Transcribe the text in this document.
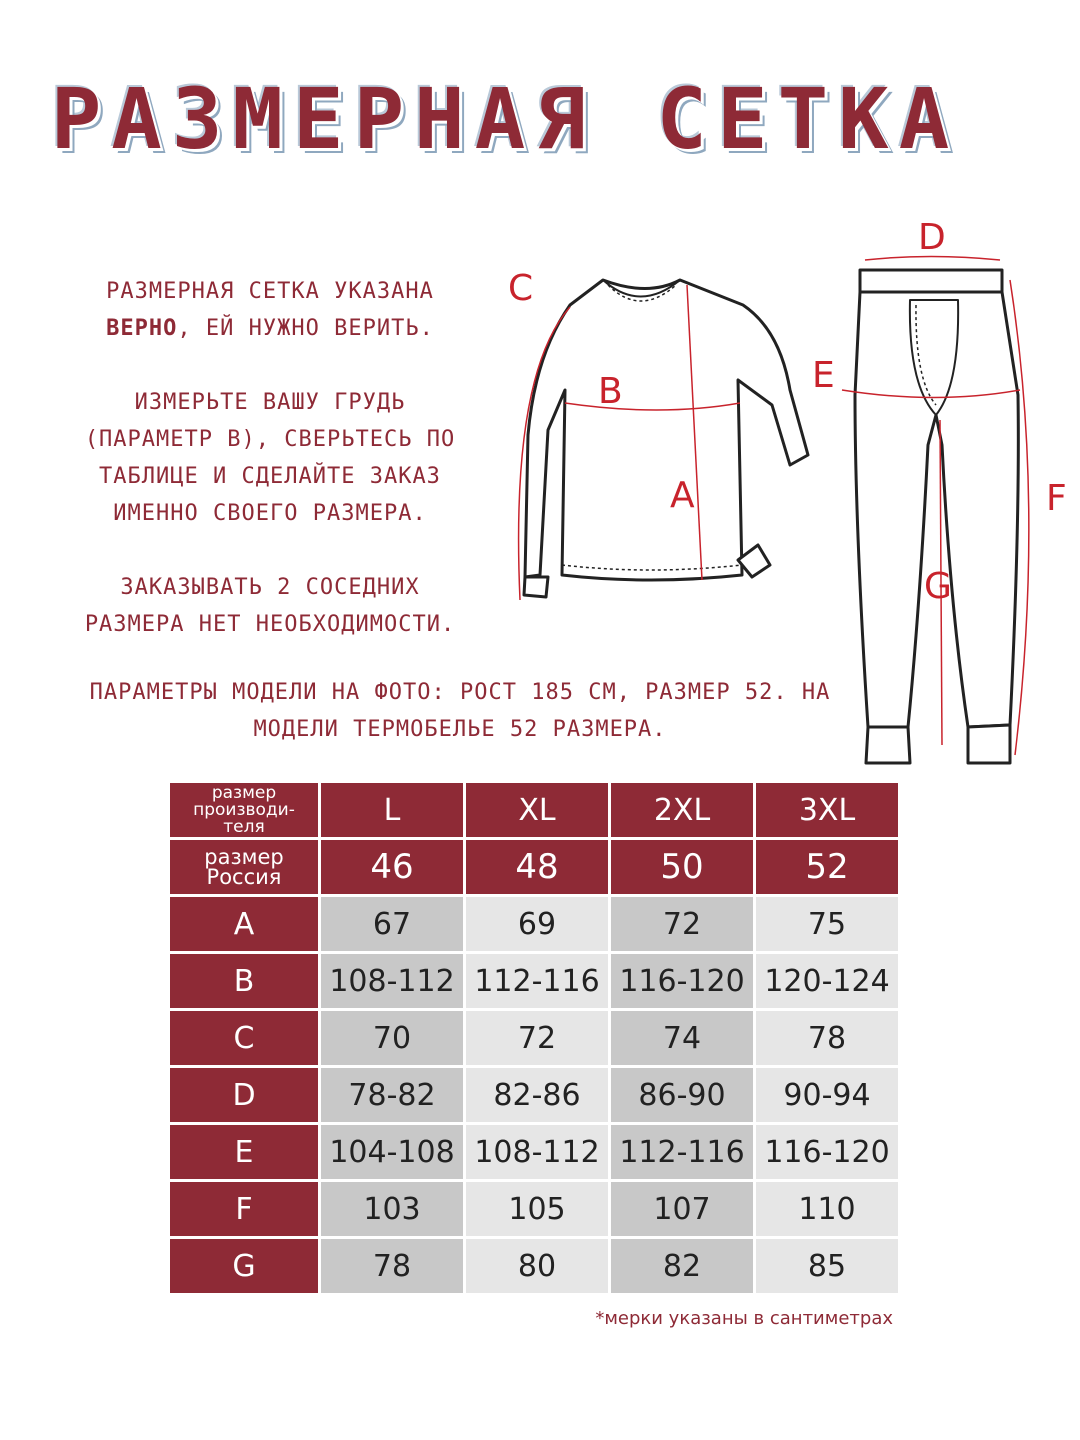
РАЗМЕРНАЯ СЕТКА
РАЗМЕРНАЯ СЕТКА УКАЗАНА
ВЕРНО, ЕЙ НУЖНО ВЕРИТЬ.
ИЗМЕРЬТЕ ВАШУ ГРУДЬ
(ПАРАМЕТР B), СВЕРЬТЕСЬ ПО
ТАБЛИЦЕ И СДЕЛАЙТЕ ЗАКАЗ
ИМЕННО СВОЕГО РАЗМЕРА.
ЗАКАЗЫВАТЬ 2 СОСЕДНИХ
РАЗМЕРА НЕТ НЕОБХОДИМОСТИ.
ПАРАМЕТРЫ МОДЕЛИ НА ФОТО: РОСТ 185 СМ, РАЗМЕР 52. НА
МОДЕЛИ ТЕРМОБЕЛЬЕ 52 РАЗМЕРА.
C
B
A
D
E
F
G
размер
производи-
теля	L	XL	2XL	3XL

размер
Россия	46	48	50	52
A	67	69	72	75
B	108-112	112-116	116-120	120-124
C	70	72	74	78
D	78-82	82-86	86-90	90-94
E	104-108	108-112	112-116	116-120
F	103	105	107	110
G	78	80	82	85
*мерки указаны в сантиметрах
